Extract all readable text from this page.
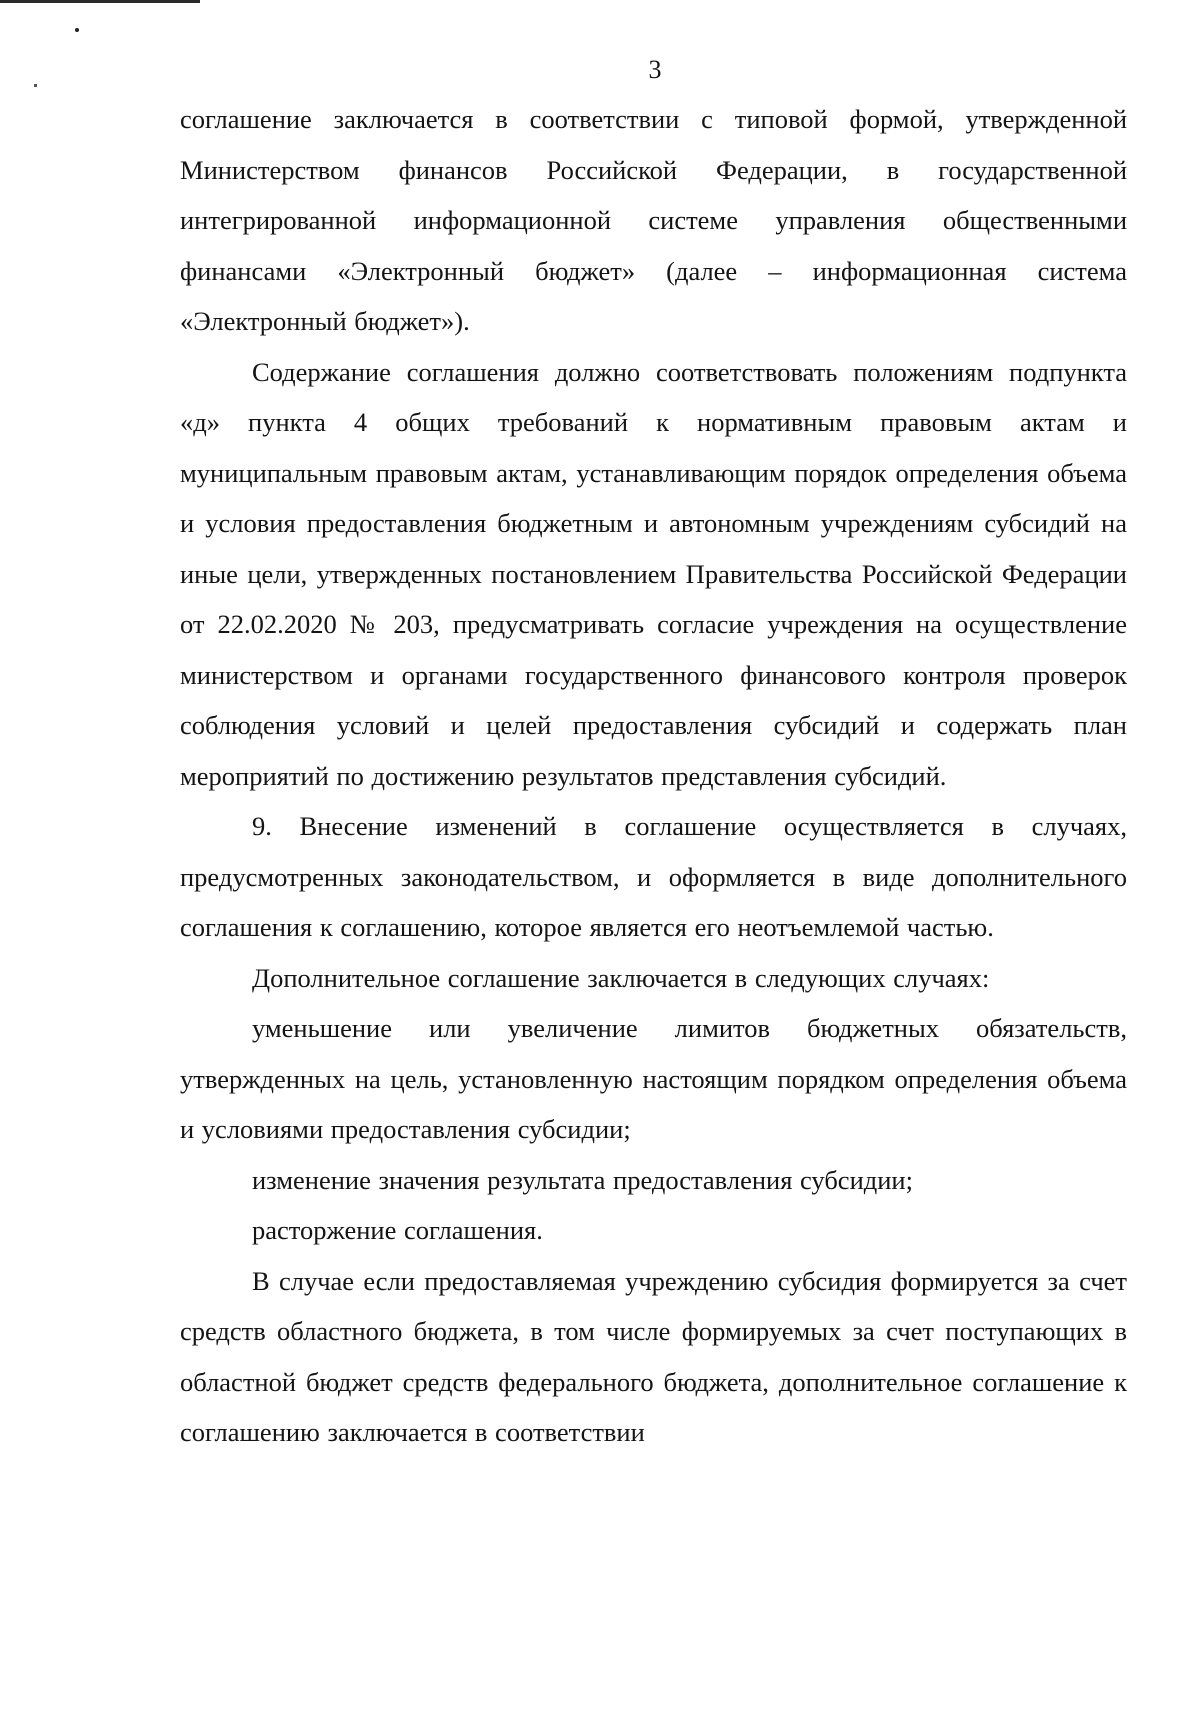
3

соглашение заключается в соответствии с типовой формой, утвержденной Министерством финансов Российской Федерации, в государственной интегрированной информационной системе управления общественными финансами «Электронный бюджет» (далее – информационная система «Электронный бюджет»).

Содержание соглашения должно соответствовать положениям подпункта «д» пункта 4 общих требований к нормативным правовым актам и муниципальным правовым актам, устанавливающим порядок определения объема и условия предоставления бюджетным и автономным учреждениям субсидий на иные цели, утвержденных постановлением Правительства Российской Федерации от 22.02.2020 № 203, предусматривать согласие учреждения на осуществление министерством и органами государственного финансового контроля проверок соблюдения условий и целей предоставления субсидий и содержать план мероприятий по достижению результатов представления субсидий.

9. Внесение изменений в соглашение осуществляется в случаях, предусмотренных законодательством, и оформляется в виде дополнительного соглашения к соглашению, которое является его неотъемлемой частью.

Дополнительное соглашение заключается в следующих случаях:

уменьшение или увеличение лимитов бюджетных обязательств, утвержденных на цель, установленную настоящим порядком определения объема и условиями предоставления субсидии;

изменение значения результата предоставления субсидии;

расторжение соглашения.

В случае если предоставляемая учреждению субсидия формируется за счет средств областного бюджета, в том числе формируемых за счет поступающих в областной бюджет средств федерального бюджета, дополнительное соглашение к соглашению заключается в соответствии
